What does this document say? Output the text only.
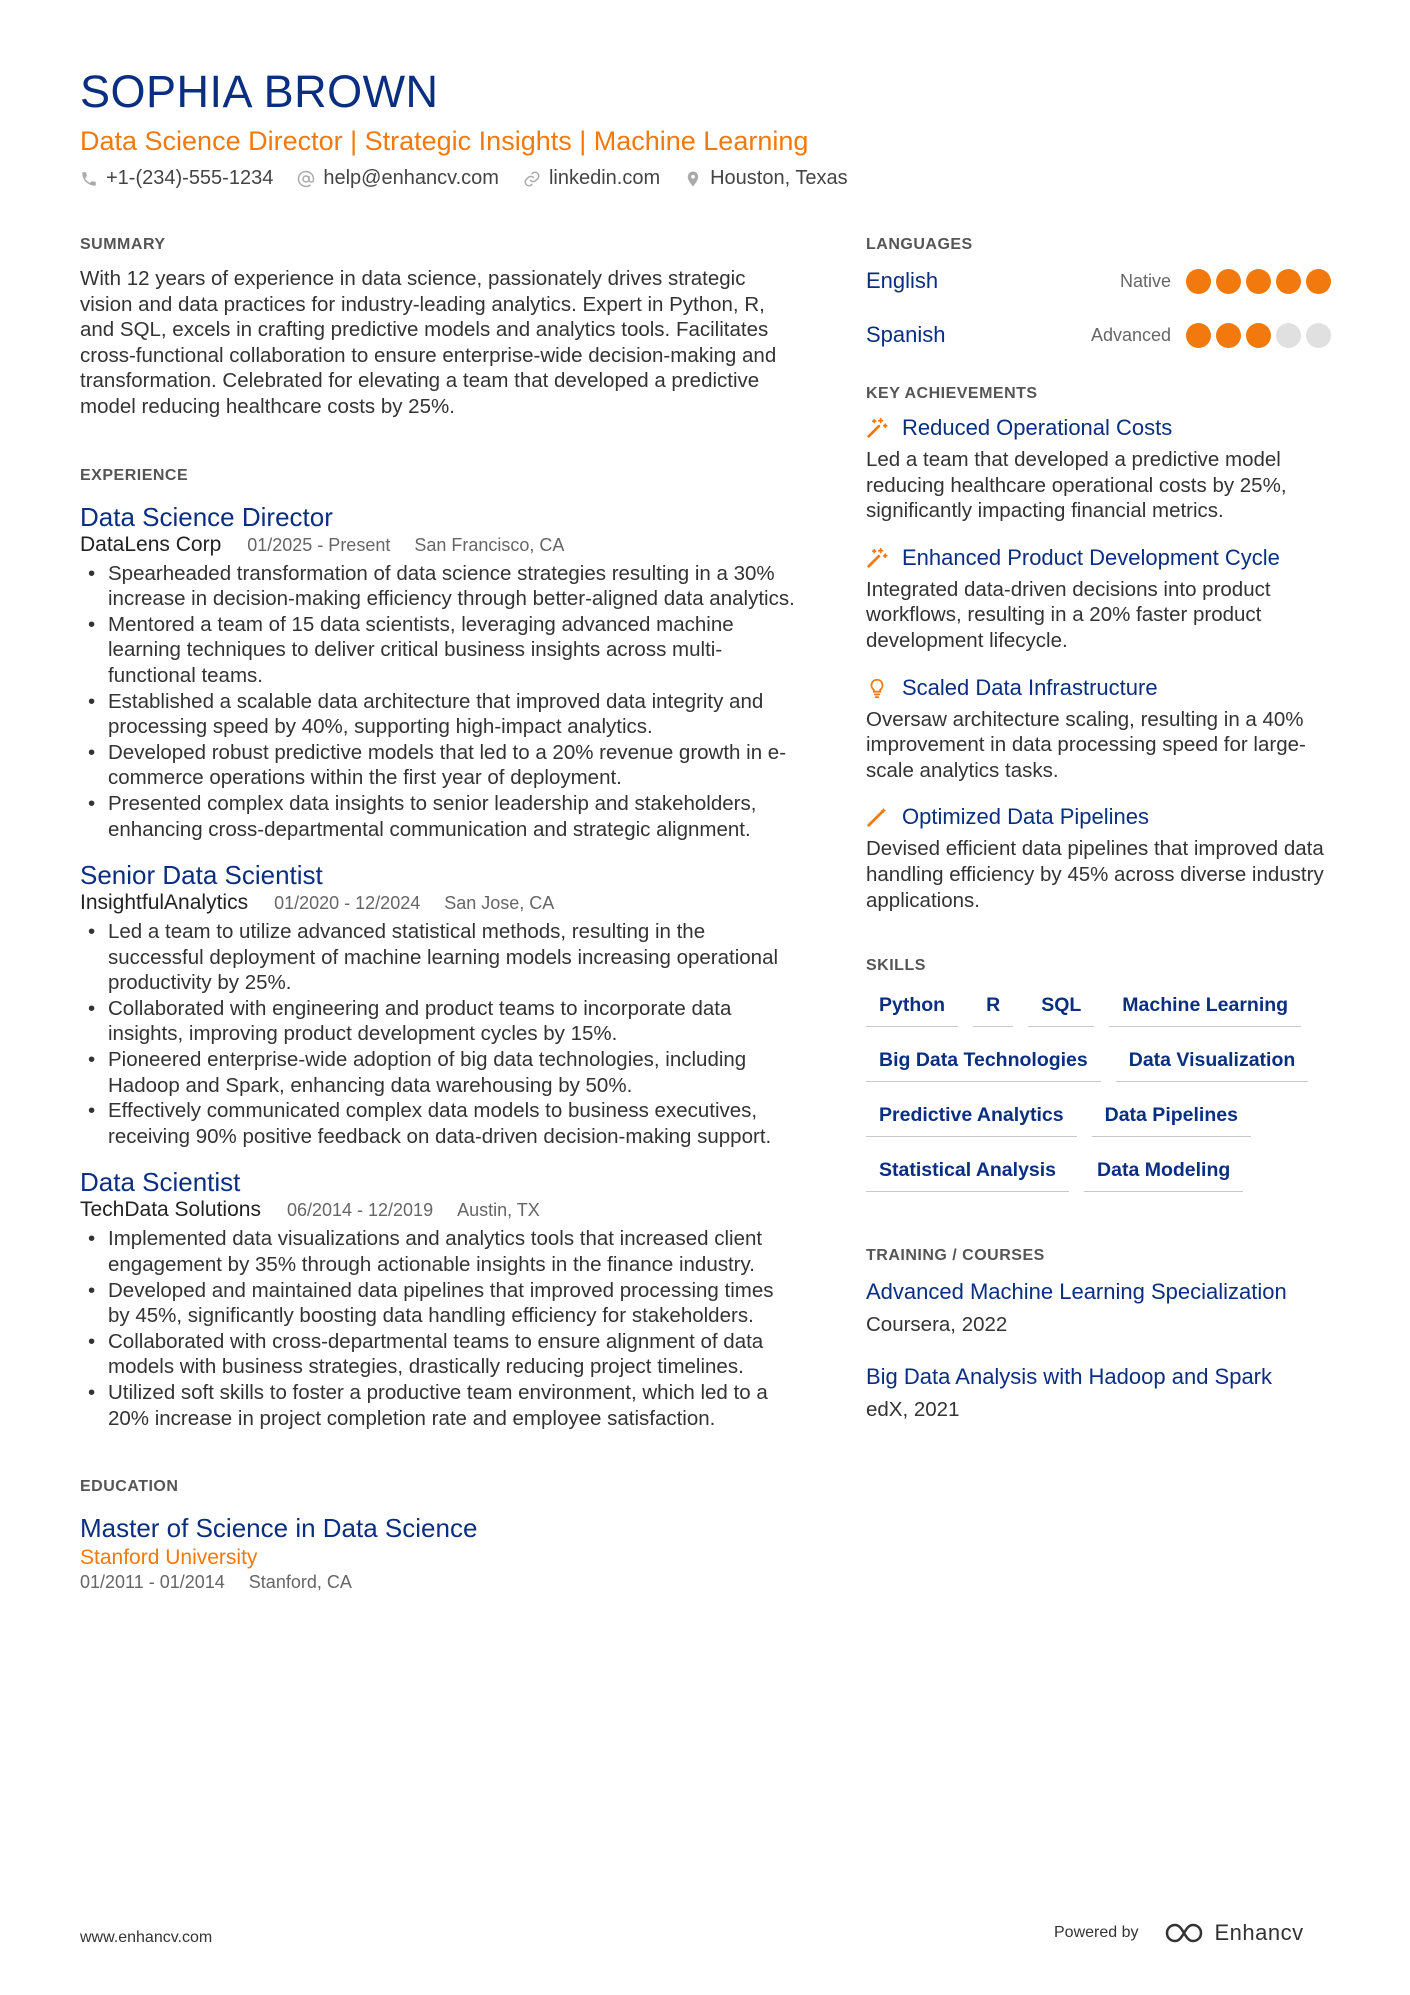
SOPHIA BROWN

Data Science Director | Strategic Insights | Machine Learning

+1-(234)-555-1234	help@enhancv.com	linkedin.com	Houston, Texas
SUMMARY

With 12 years of experience in data science, passionately drives strategic vision and data practices for industry-leading analytics. Expert in Python, R, and SQL, excels in crafting predictive models and analytics tools. Facilitates cross-functional collaboration to ensure enterprise-wide decision-making and transformation. Celebrated for elevating a team that developed a predictive model reducing healthcare costs by 25%.

EXPERIENCE
Data Science Director
DataLens Corp 01/2025 - Present San Francisco, CA
• Spearheaded transformation of data science strategies resulting in a 30% increase in decision-making efficiency through better-aligned data analytics.
• Mentored a team of 15 data scientists, leveraging advanced machine learning techniques to deliver critical business insights across multi-functional teams.
• Established a scalable data architecture that improved data integrity and processing speed by 40%, supporting high-impact analytics.
• Developed robust predictive models that led to a 20% revenue growth in e-commerce operations within the first year of deployment.
• Presented complex data insights to senior leadership and stakeholders, enhancing cross-departmental communication and strategic alignment.
Senior Data Scientist
InsightfulAnalytics 01/2020 - 12/2024 San Jose, CA
• Led a team to utilize advanced statistical methods, resulting in the successful deployment of machine learning models increasing operational productivity by 25%.
• Collaborated with engineering and product teams to incorporate data insights, improving product development cycles by 15%.
• Pioneered enterprise-wide adoption of big data technologies, including Hadoop and Spark, enhancing data warehousing by 50%.
• Effectively communicated complex data models to business executives, receiving 90% positive feedback on data-driven decision-making support.
Data Scientist
TechData Solutions 06/2014 - 12/2019 Austin, TX
• Implemented data visualizations and analytics tools that increased client engagement by 35% through actionable insights in the finance industry.
• Developed and maintained data pipelines that improved processing times by 45%, significantly boosting data handling efficiency for stakeholders.
• Collaborated with cross-departmental teams to ensure alignment of data models with business strategies, drastically reducing project timelines.
• Utilized soft skills to foster a productive team environment, which led to a 20% increase in project completion rate and employee satisfaction.
EDUCATION
Master of Science in Data Science
Stanford University
01/2011 - 01/2014 Stanford, CA
LANGUAGES
English	Native
Spanish	Advanced
KEY ACHIEVEMENTS
Reduced Operational Costs

Led a team that developed a predictive model reducing healthcare operational costs by 25%, significantly impacting financial metrics.

Enhanced Product Development Cycle

Integrated data-driven decisions into product workflows, resulting in a 20% faster product development lifecycle.

Scaled Data Infrastructure

Oversaw architecture scaling, resulting in a 40% improvement in data processing speed for large-scale analytics tasks.

Optimized Data Pipelines

Devised efficient data pipelines that improved data handling efficiency by 45% across diverse industry applications.

SKILLS
Python	R	SQL	Machine Learning
Big Data Technologies	Data Visualization
Predictive Analytics	Data Pipelines
Statistical Analysis	Data Modeling
TRAINING / COURSES
Advanced Machine Learning Specialization
Coursera, 2022
Big Data Analysis with Hadoop and Spark
edX, 2021
www.enhancv.com	Powered by	Enhancv
